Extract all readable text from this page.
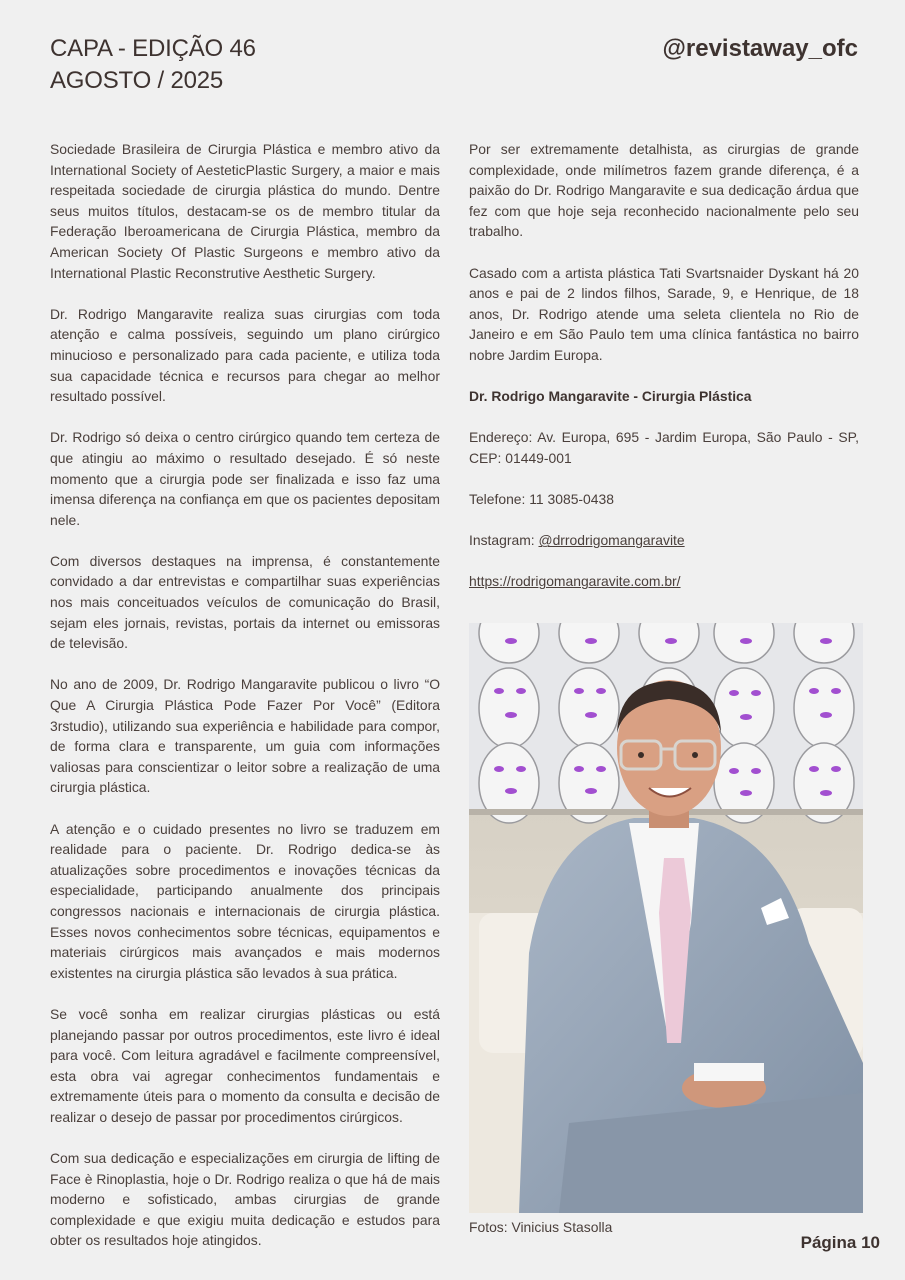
CAPA - EDIÇÃO 46
AGOSTO / 2025
@revistaway_ofc

Sociedade Brasileira de Cirurgia Plástica e membro ativo da International Society of AesteticPlastic Surgery, a maior e mais respeitada sociedade de cirurgia plástica do mundo. Dentre seus muitos títulos, destacam-se os de membro titular da Federação Iberoamericana de Cirurgia Plástica, membro da American Society Of Plastic Surgeons e membro ativo da International Plastic Reconstrutive Aesthetic Surgery.

Dr. Rodrigo Mangaravite realiza suas cirurgias com toda atenção e calma possíveis, seguindo um plano cirúrgico minucioso e personalizado para cada paciente, e utiliza toda sua capacidade técnica e recursos para chegar ao melhor resultado possível.

Dr. Rodrigo só deixa o centro cirúrgico quando tem certeza de que atingiu ao máximo o resultado desejado. É só neste momento que a cirurgia pode ser finalizada e isso faz uma imensa diferença na confiança em que os pacientes depositam nele.

Com diversos destaques na imprensa, é constantemente convidado a dar entrevistas e compartilhar suas experiências nos mais conceituados veículos de comunicação do Brasil, sejam eles jornais, revistas, portais da internet ou emissoras de televisão.

No ano de 2009, Dr. Rodrigo Mangaravite publicou o livro “O Que A Cirurgia Plástica Pode Fazer Por Você” (Editora 3rstudio), utilizando sua experiência e habilidade para compor, de forma clara e transparente, um guia com informações valiosas para conscientizar o leitor sobre a realização de uma cirurgia plástica.

A atenção e o cuidado presentes no livro se traduzem em realidade para o paciente. Dr. Rodrigo dedica-se às atualizações sobre procedimentos e inovações técnicas da especialidade, participando anualmente dos principais congressos nacionais e internacionais de cirurgia plástica. Esses novos conhecimentos sobre técnicas, equipamentos e materiais cirúrgicos mais avançados e mais modernos existentes na cirurgia plástica são levados à sua prática.

Se você sonha em realizar cirurgias plásticas ou está planejando passar por outros procedimentos, este livro é ideal para você. Com leitura agradável e facilmente compreensível, esta obra vai agregar conhecimentos fundamentais e extremamente úteis para o momento da consulta e decisão de realizar o desejo de passar por procedimentos cirúrgicos.

Com sua dedicação e especializações em cirurgia de lifting de Face è Rinoplastia, hoje o Dr. Rodrigo realiza o que há de mais moderno e sofisticado, ambas cirurgias de grande complexidade e que exigiu muita dedicação e estudos para obter os resultados hoje atingidos.

Por ser extremamente detalhista, as cirurgias de grande complexidade, onde milímetros fazem grande diferença, é a paixão do Dr. Rodrigo Mangaravite e sua dedicação árdua que fez com que hoje seja reconhecido nacionalmente pelo seu trabalho.

Casado com a artista plástica Tati Svartsnaider Dyskant há 20 anos e pai de 2 lindos filhos, Sarade, 9, e Henrique, de 18 anos, Dr. Rodrigo atende uma seleta clientela no Rio de Janeiro e em São Paulo tem uma clínica fantástica no bairro nobre Jardim Europa.

Dr. Rodrigo Mangaravite - Cirurgia Plástica

Endereço: Av. Europa, 695 - Jardim Europa, São Paulo - SP, CEP: 01449-001

Telefone: 11 3085-0438

Instagram: @drrodrigomangaravite

https://rodrigomangaravite.com.br/

Fotos: Vinicius Stasolla
Página 10
